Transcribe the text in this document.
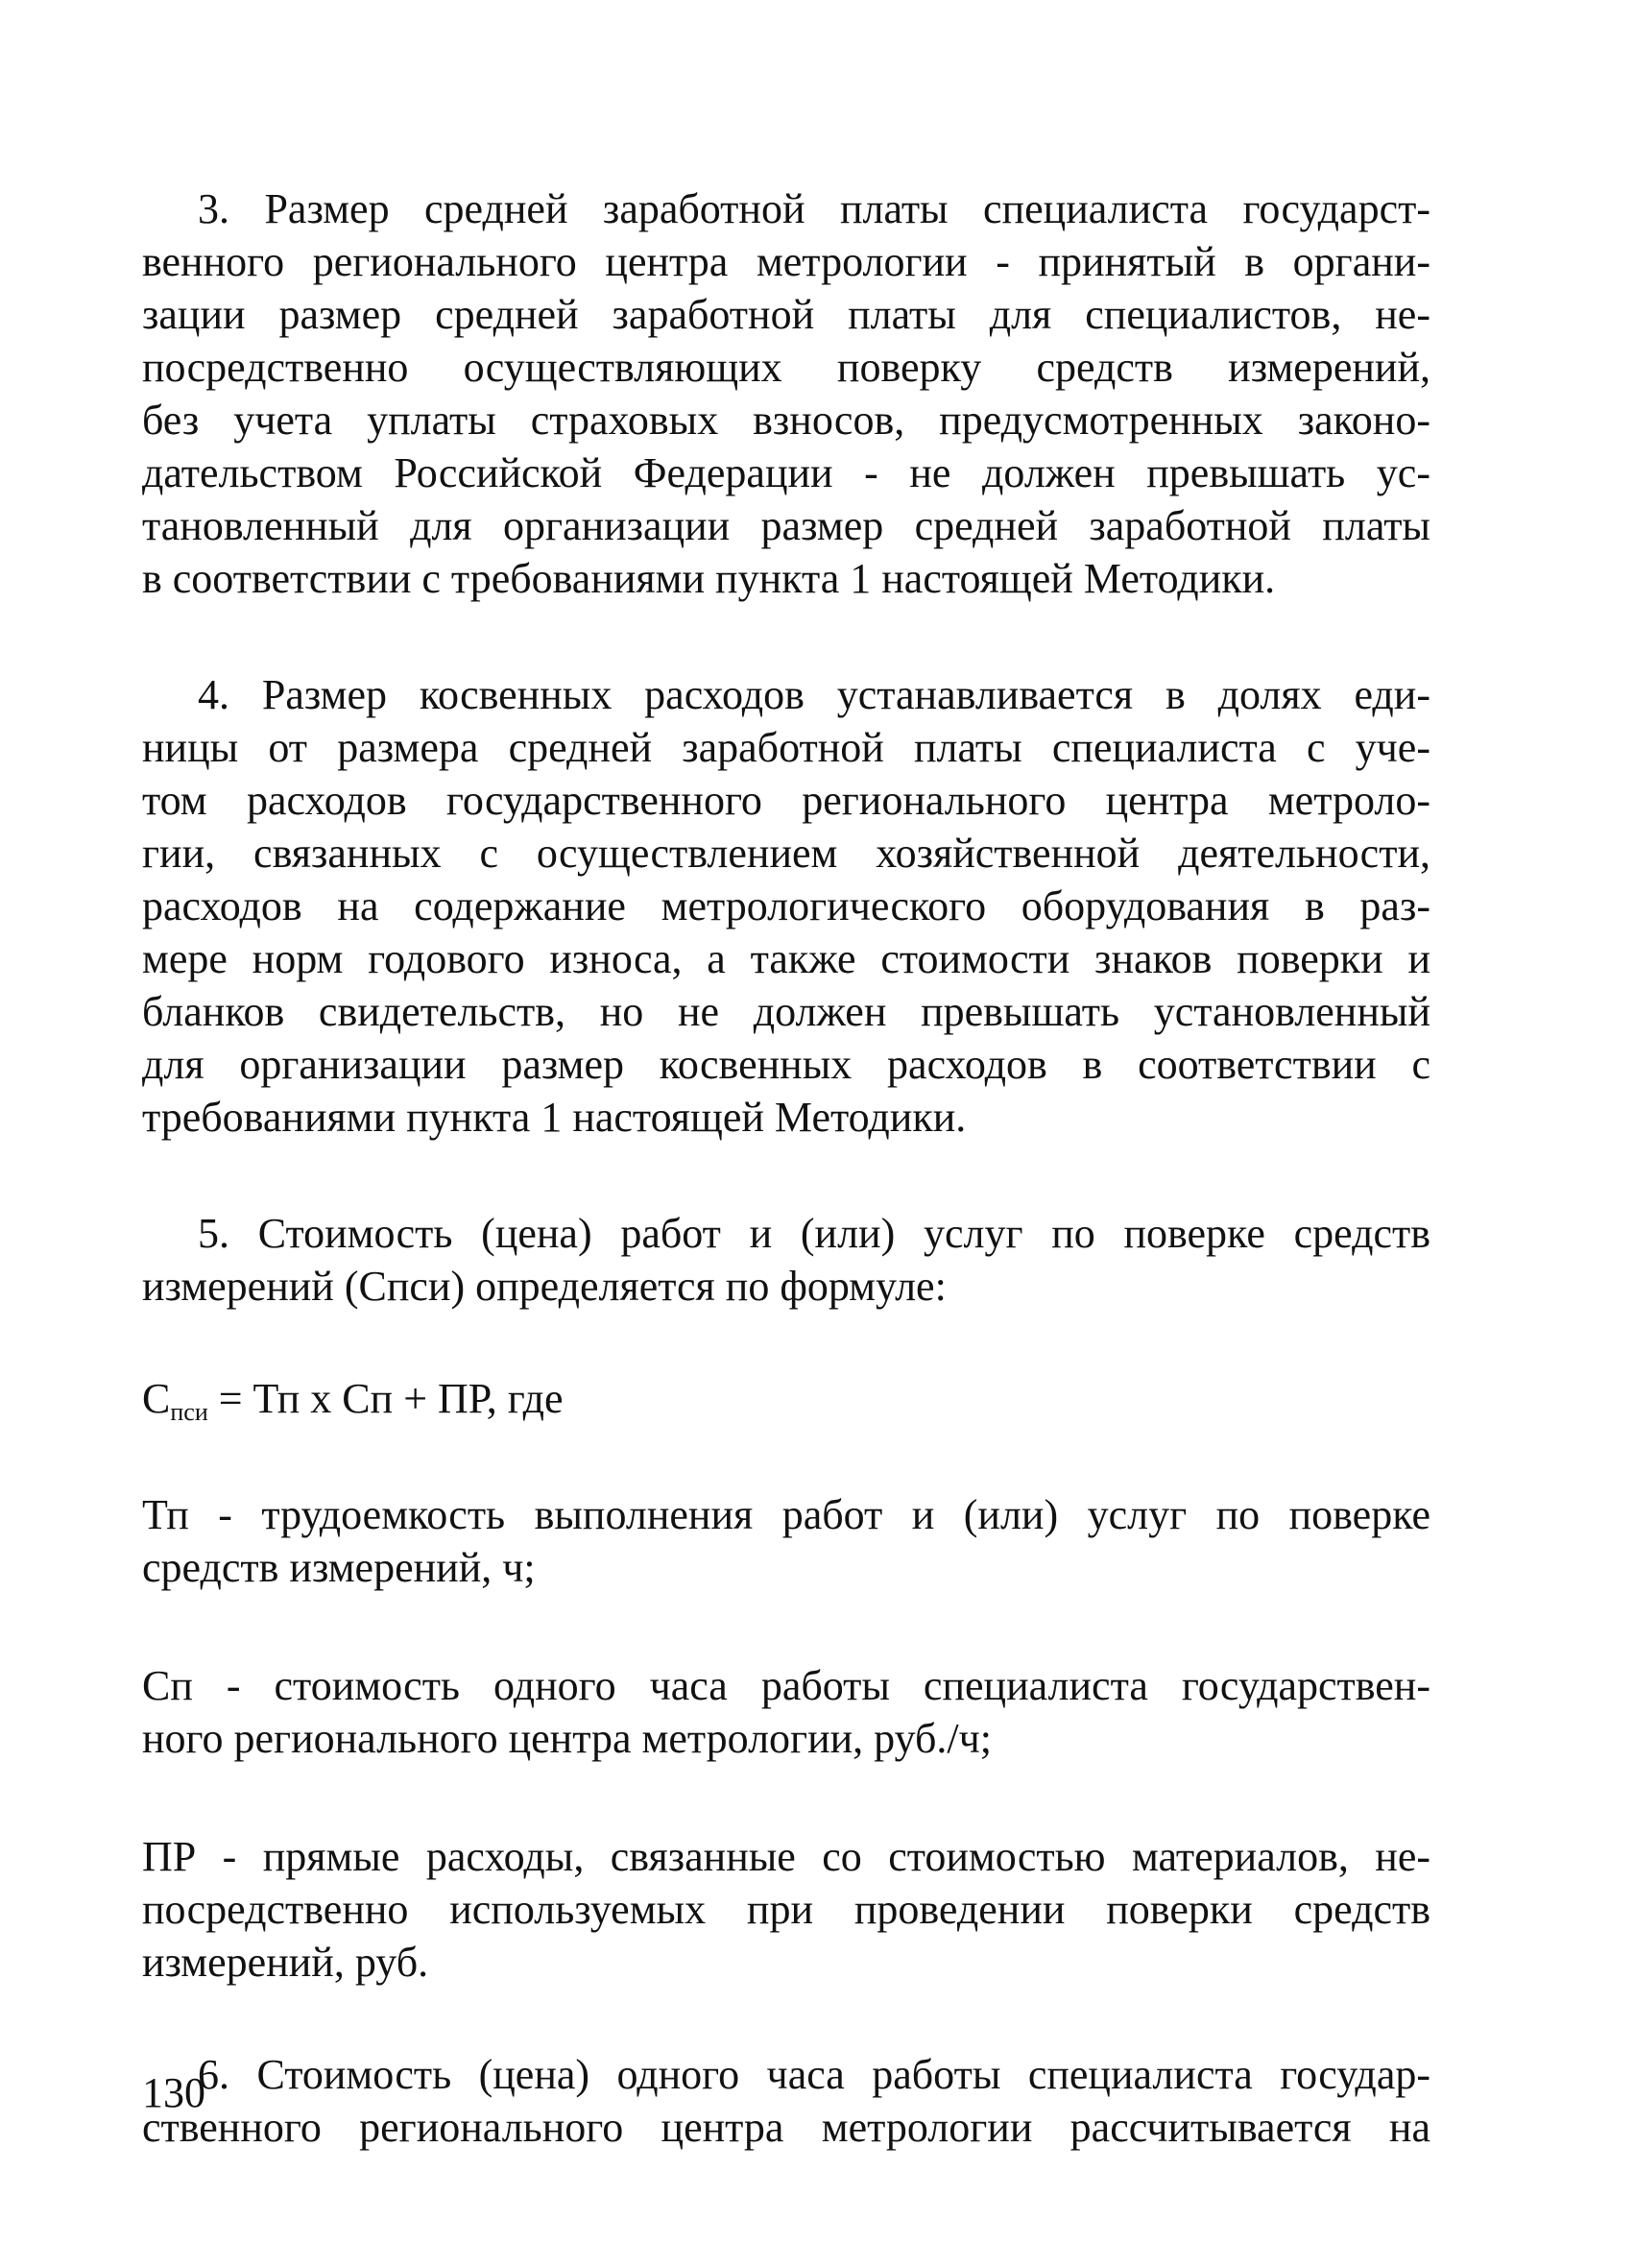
3. Размер средней заработной платы специалиста государст-
венного регионального центра метрологии - принятый в органи-
зации размер средней заработной платы для специалистов, не-
посредственно осуществляющих поверку средств измерений,
без учета уплаты страховых взносов, предусмотренных законо-
дательством Российской Федерации - не должен превышать ус-
тановленный для организации размер средней заработной платы
в соответствии с требованиями пункта 1 настоящей Методики.
4. Размер косвенных расходов устанавливается в долях еди-
ницы от размера средней заработной платы специалиста с уче-
том расходов государственного регионального центра метроло-
гии, связанных с осуществлением хозяйственной деятельности,
расходов на содержание метрологического оборудования в раз-
мере норм годового износа, а также стоимости знаков поверки и
бланков свидетельств, но не должен превышать установленный
для организации размер косвенных расходов в соответствии с
требованиями пункта 1 настоящей Методики.
5. Стоимость (цена) работ и (или) услуг по поверке средств
измерений (Спси) определяется по формуле:
$С_{пси}$ = Тп х Сп + ПР, где
Тп - трудоемкость выполнения работ и (или) услуг по поверке
средств измерений, ч;
Сп - стоимость одного часа работы специалиста государствен-
ного регионального центра метрологии, руб./ч;
ПР - прямые расходы, связанные со стоимостью материалов, не-
посредственно используемых при проведении поверки средств
измерений, руб.
6. Стоимость (цена) одного часа работы специалиста государ-
ственного регионального центра метрологии рассчитывается на
130
